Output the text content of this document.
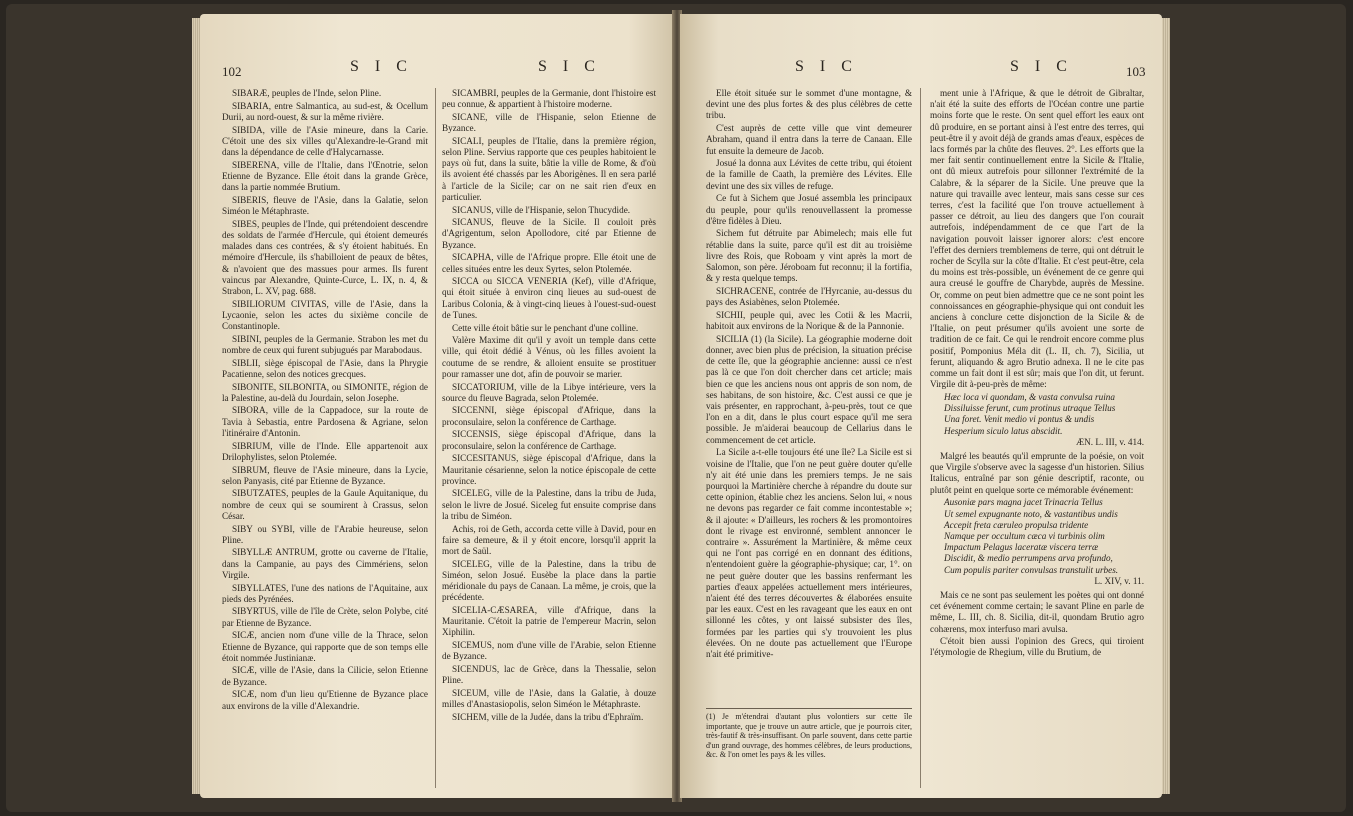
102	S I C	S I C

SIBARÆ, peuples de l'Inde, selon Pline.

SIBARIA, entre Salmantica, au sud-est, & Ocellum Durii, au nord-ouest, & sur la même rivière.

SIBIDA, ville de l'Asie mineure, dans la Carie. C'étoit une des six villes qu'Alexandre-le-Grand mit dans la dépendance de celle d'Halycarnasse.

SIBERENA, ville de l'Italie, dans l'Œnotrie, selon Etienne de Byzance. Elle étoit dans la grande Grèce, dans la partie nommée Brutium.

SIBERIS, fleuve de l'Asie, dans la Galatie, selon Siméon le Métaphraste.

SIBES, peuples de l'Inde, qui prétendoient descendre des soldats de l'armée d'Hercule, qui étoient demeurés malades dans ces contrées, & s'y étoient habitués. En mémoire d'Hercule, ils s'habilloient de peaux de bêtes, & n'avoient que des massues pour armes. Ils furent vaincus par Alexandre, Quinte-Curce, L. IX, n. 4, & Strabon, L. XV, pag. 688.

SIBILIORUM CIVITAS, ville de l'Asie, dans la Lycaonie, selon les actes du sixième concile de Constantinople.

SIBINI, peuples de la Germanie. Strabon les met du nombre de ceux qui furent subjugués par Marabodaus.

SIBLII, siège épiscopal de l'Asie, dans la Phrygie Pacatienne, selon des notices grecques.

SIBONITE, SILBONITA, ou SIMONITE, région de la Palestine, au-delà du Jourdain, selon Josephe.

SIBORA, ville de la Cappadoce, sur la route de Tavia à Sebastia, entre Pardosena & Agriane, selon l'itinéraire d'Antonin.

SIBRIUM, ville de l'Inde. Elle appartenoit aux Drilophylistes, selon Ptolemée.

SIBRUM, fleuve de l'Asie mineure, dans la Lycie, selon Panyasis, cité par Etienne de Byzance.

SIBUTZATES, peuples de la Gaule Aquitanique, du nombre de ceux qui se soumirent à Crassus, selon César.

SIBY ou SYBI, ville de l'Arabie heureuse, selon Pline.

SIBYLLÆ ANTRUM, grotte ou caverne de l'Italie, dans la Campanie, au pays des Cimmériens, selon Virgile.

SIBYLLATES, l'une des nations de l'Aquitaine, aux pieds des Pyrénées.

SIBYRTUS, ville de l'île de Crète, selon Polybe, cité par Etienne de Byzance.

SICÆ, ancien nom d'une ville de la Thrace, selon Etienne de Byzance, qui rapporte que de son temps elle étoit nommée Justinianæ.

SICÆ, ville de l'Asie, dans la Cilicie, selon Etienne de Byzance.

SICÆ, nom d'un lieu qu'Etienne de Byzance place aux environs de la ville d'Alexandrie.

SICAMBRI, peuples de la Germanie, dont l'histoire est peu connue, & appartient à l'histoire moderne.

SICANE, ville de l'Hispanie, selon Etienne de Byzance.

SICALI, peuples de l'Italie, dans la première région, selon Pline. Servius rapporte que ces peuples habitoient le pays où fut, dans la suite, bâtie la ville de Rome, & d'où ils avoient été chassés par les Aborigènes. Il en sera parlé à l'article de la Sicile; car on ne sait rien d'eux en particulier.

SICANUS, ville de l'Hispanie, selon Thucydide.

SICANUS, fleuve de la Sicile. Il couloit près d'Agrigentum, selon Apollodore, cité par Etienne de Byzance.

SICAPHA, ville de l'Afrique propre. Elle étoit une de celles situées entre les deux Syrtes, selon Ptolemée.

SICCA ou SICCA VENERIA (Kef), ville d'Afrique, qui étoit située à environ cinq lieues au sud-ouest de Laribus Colonia, & à vingt-cinq lieues à l'ouest-sud-ouest de Tunes.

Cette ville étoit bâtie sur le penchant d'une colline.

Valère Maxime dit qu'il y avoit un temple dans cette ville, qui étoit dédié à Vénus, où les filles avoient la coutume de se rendre, & alloient ensuite se prostituer pour ramasser une dot, afin de pouvoir se marier.

SICCATORIUM, ville de la Libye intérieure, vers la source du fleuve Bagrada, selon Ptolemée.

SICCENNI, siège épiscopal d'Afrique, dans la proconsulaire, selon la conférence de Carthage.

SICCENSIS, siège épiscopal d'Afrique, dans la proconsulaire, selon la conférence de Carthage.

SICCESITANUS, siège épiscopal d'Afrique, dans la Mauritanie césarienne, selon la notice épiscopale de cette province.

SICELEG, ville de la Palestine, dans la tribu de Juda, selon le livre de Josué. Siceleg fut ensuite comprise dans la tribu de Siméon.

Achis, roi de Geth, accorda cette ville à David, pour en faire sa demeure, & il y étoit encore, lorsqu'il apprit la mort de Saül.

SICELEG, ville de la Palestine, dans la tribu de Siméon, selon Josué. Eusèbe la place dans la partie méridionale du pays de Canaan. La même, je crois, que la précédente.

SICELIA-CÆSAREA, ville d'Afrique, dans la Mauritanie. C'étoit la patrie de l'empereur Macrin, selon Xiphilin.

SICEMUS, nom d'une ville de l'Arabie, selon Etienne de Byzance.

SICENDUS, lac de Grèce, dans la Thessalie, selon Pline.

SICEUM, ville de l'Asie, dans la Galatie, à douze milles d'Anastasiopolis, selon Siméon le Métaphraste.

SICHEM, ville de la Judée, dans la tribu d'Ephraïm.

S I C	S I C	103

Elle étoit située sur le sommet d'une montagne, & devint une des plus fortes & des plus célèbres de cette tribu.

C'est auprès de cette ville que vint demeurer Abraham, quand il entra dans la terre de Canaan. Elle fut ensuite la demeure de Jacob.

Josué la donna aux Lévites de cette tribu, qui étoient de la famille de Caath, la première des Lévites. Elle devint une des six villes de refuge.

Ce fut à Sichem que Josué assembla les principaux du peuple, pour qu'ils renouvellassent la promesse d'être fidèles à Dieu.

Sichem fut détruite par Abimelech; mais elle fut rétablie dans la suite, parce qu'il est dit au troisième livre des Rois, que Roboam y vint après la mort de Salomon, son père. Jéroboam fut reconnu; il la fortifia, & y resta quelque temps.

SICHRACENE, contrée de l'Hyrcanie, au-dessus du pays des Asiabènes, selon Ptolemée.

SICHII, peuple qui, avec les Cotii & les Macrii, habitoit aux environs de la Norique & de la Pannonie.

SICILIA (1) (la Sicile). La géographie moderne doit donner, avec bien plus de précision, la situation précise de cette île, que la géographie ancienne: aussi ce n'est pas là ce que l'on doit chercher dans cet article; mais bien ce que les anciens nous ont appris de son nom, de ses habitans, de son histoire, &c. C'est aussi ce que je vais présenter, en rapprochant, à-peu-près, tout ce que l'on en a dit, dans le plus court espace qu'il me sera possible. Je m'aiderai beaucoup de Cellarius dans le commencement de cet article.

La Sicile a-t-elle toujours été une île? La Sicile est si voisine de l'Italie, que l'on ne peut guère douter qu'elle n'y ait été unie dans les premiers temps. Je ne sais pourquoi la Martinière cherche à répandre du doute sur cette opinion, établie chez les anciens. Selon lui, « nous ne devons pas regarder ce fait comme incontestable »; & il ajoute: « D'ailleurs, les rochers & les promontoires dont le rivage est environné, semblent annoncer le contraire ». Assurément la Martinière, & même ceux qui ne l'ont pas corrigé en en donnant des éditions, n'entendoient guère la géographie-physique; car, 1°. on ne peut guère douter que les bassins renfermant les parties d'eaux appelées actuellement mers intérieures, n'aient été des terres découvertes & élaborées ensuite par les eaux. C'est en les ravageant que les eaux en ont sillonné les côtes, y ont laissé subsister des îles, formées par les parties qui s'y trouvoient les plus élevées. On ne doute pas actuellement que l'Europe n'ait été primitive-

(1) Je m'étendrai d'autant plus volontiers sur cette île importante, que je trouve un autre article, que je pourrois citer, très-fautif & très-insuffisant. On parle souvent, dans cette partie d'un grand ouvrage, des hommes célèbres, de leurs productions, &c. & l'on omet les pays & les villes.

ment unie à l'Afrique, & que le détroit de Gibraltar, n'ait été la suite des efforts de l'Océan contre une partie moins forte que le reste. On sent quel effort les eaux ont dû produire, en se portant ainsi à l'est entre des terres, qui peut-être il y avoit déjà de grands amas d'eaux, espèces de lacs formés par la chûte des fleuves. 2°. Les efforts que la mer fait sentir continuellement entre la Sicile & l'Italie, ont dû mieux autrefois pour sillonner l'extrémité de la Calabre, & la séparer de la Sicile. Une preuve que la nature qui travaille avec lenteur, mais sans cesse sur ces terres, c'est la facilité que l'on trouve actuellement à passer ce détroit, au lieu des dangers que l'on courait autrefois, indépendamment de ce que l'art de la navigation pouvoit laisser ignorer alors: c'est encore l'effet des derniers tremblemens de terre, qui ont détruit le rocher de Scylla sur la côte d'Italie. Et c'est peut-être, cela du moins est très-possible, un événement de ce genre qui aura creusé le gouffre de Charybde, auprès de Messine. Or, comme on peut bien admettre que ce ne sont point les connoissances en géographie-physique qui ont conduit les anciens à conclure cette disjonction de la Sicile & de l'Italie, on peut présumer qu'ils avoient une sorte de tradition de ce fait. Ce qui le rendroit encore comme plus positif, Pomponius Méla dit (L. II, ch. 7), Sicilia, ut ferunt, aliquando & agro Brutio adnexa. Il ne le cite pas comme un fait dont il est sûr; mais que l'on dit, ut ferunt. Virgile dit à-peu-près de même:

Hæc loca vi quondam, & vasta convulsa ruina

Dissiluisse ferunt, cum protinus utraque Tellus

Una foret. Venit medio vi pontus & undis

Hesperium siculo latus abscidit.

ÆN. L. III, v. 414.

Malgré les beautés qu'il emprunte de la poésie, on voit que Virgile s'observe avec la sagesse d'un historien. Silius Italicus, entraîné par son génie descriptif, raconte, ou plutôt peint en quelque sorte ce mémorable événement:

Ausoniæ pars magna jacet Trinacria Tellus

Ut semel expugnante noto, & vastantibus undis

Accepit freta cæruleo propulsa tridente

Namque per occultum cæca vi turbinis olim

Impactum Pelagus laceratæ viscera terræ

Discidit, & medio perrumpens arva profundo,

Cum populis pariter convulsas transtulit urbes.

L. XIV, v. 11.

Mais ce ne sont pas seulement les poètes qui ont donné cet événement comme certain; le savant Pline en parle de même, L. III, ch. 8. Sicilia, dit-il, quondam Brutio agro cohærens, mox interfuso mari avulsa.

C'étoit bien aussi l'opinion des Grecs, qui tiroient l'étymologie de Rhegium, ville du Brutium, de
